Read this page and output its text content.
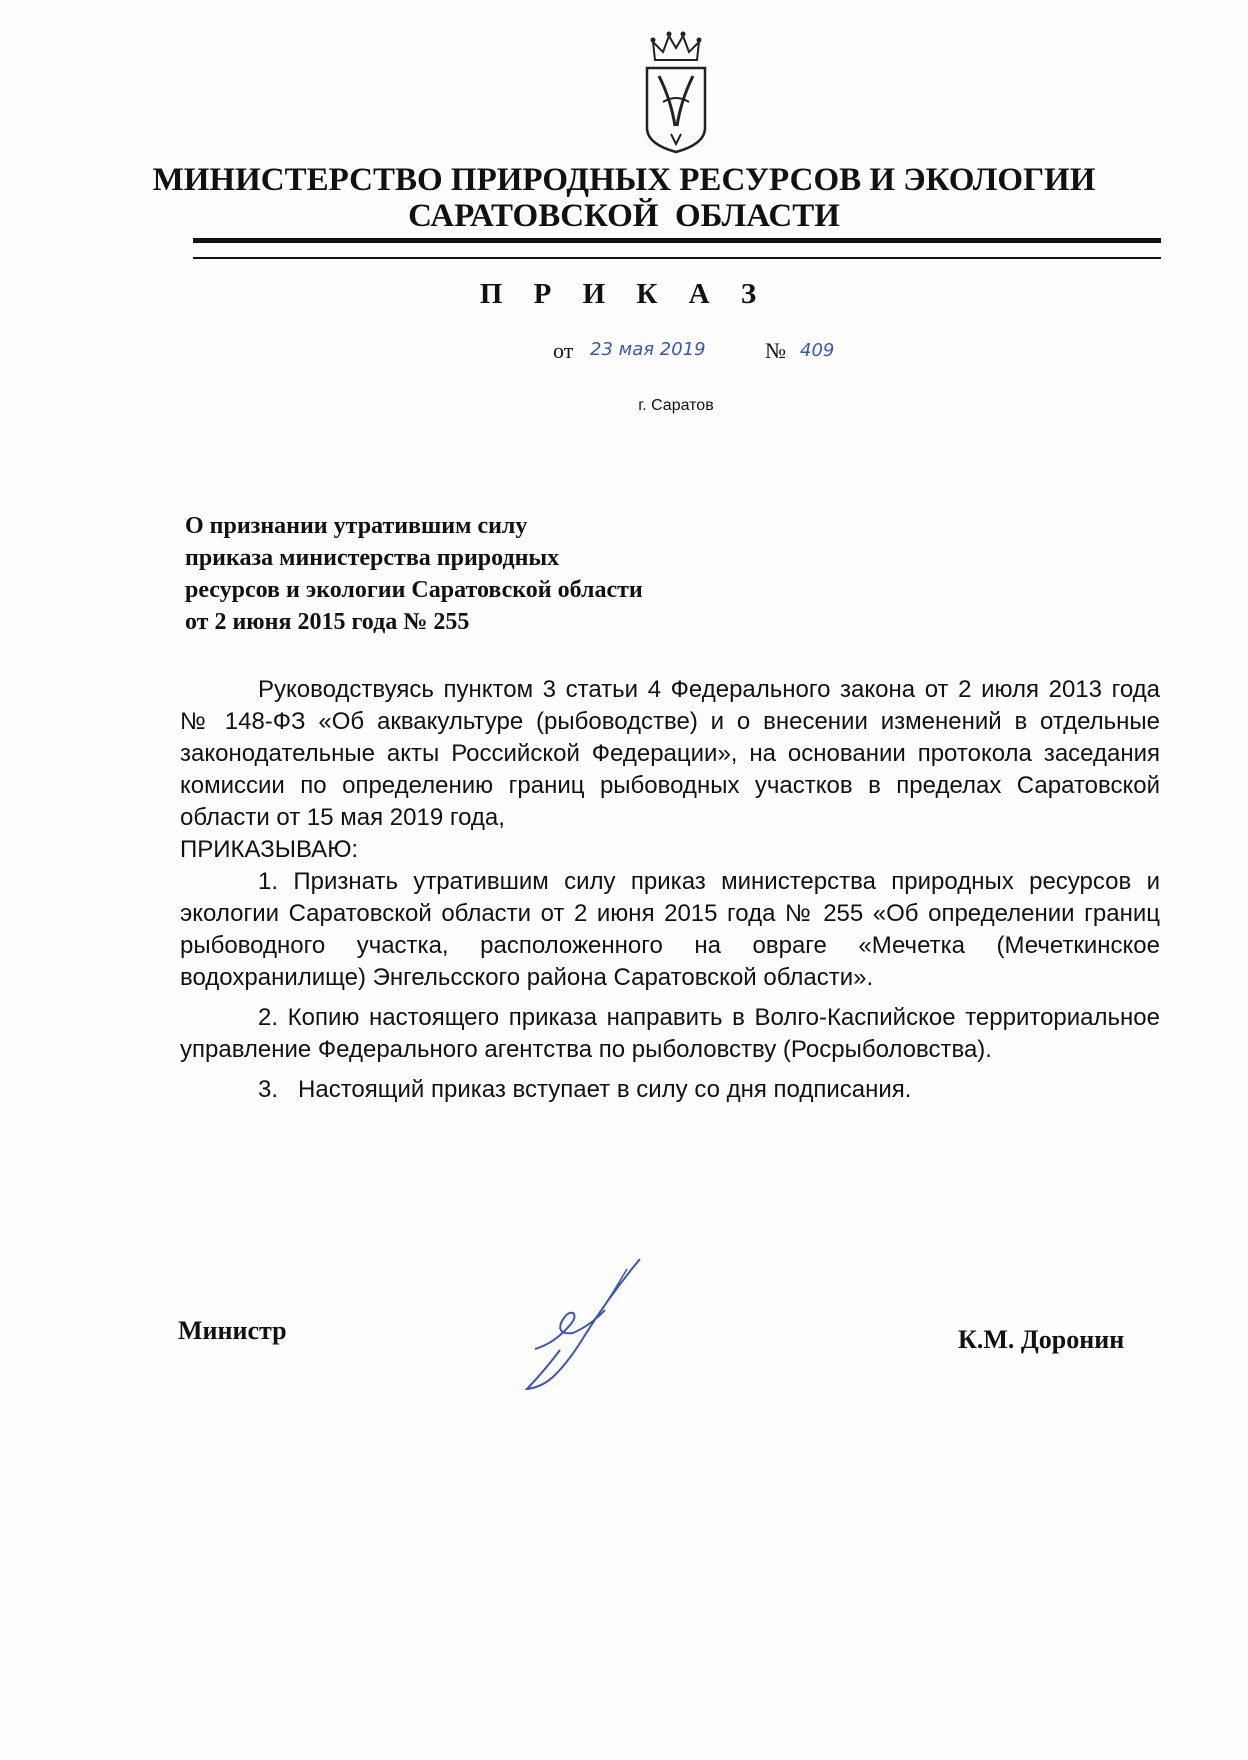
МИНИСТЕРСТВО ПРИРОДНЫХ РЕСУРСОВ И ЭКОЛОГИИ
САРАТОВСКОЙ  ОБЛАСТИ
П Р И К А З
от 23 мая 2019	№ 409
г. Саратов
О признании утратившим силу
приказа министерства природных
ресурсов и экологии Саратовской области
от 2 июня 2015 года № 255

Руководствуясь пунктом 3 статьи 4 Федерального закона от 2 июля 2013 года № 148-ФЗ «Об аквакультуре (рыбоводстве) и о внесении изменений в отдельные законодательные акты Российской Федерации», на основании протокола заседания комиссии по определению границ рыбоводных участков в пределах Саратовской области от 15 мая 2019 года,

ПРИКАЗЫВАЮ:

1. Признать утратившим силу приказ министерства природных ресурсов и экологии Саратовской области от 2 июня 2015 года № 255 «Об определении границ рыбоводного участка, расположенного на овраге «Мечетка (Мечеткинское водохранилище) Энгельсского района Саратовской области».

2. Копию настоящего приказа направить в Волго-Каспийское территориальное управление Федерального агентства по рыболовству (Росрыболовства).

3.   Настоящий приказ вступает в силу со дня подписания.

Министр	К.М. Доронин
